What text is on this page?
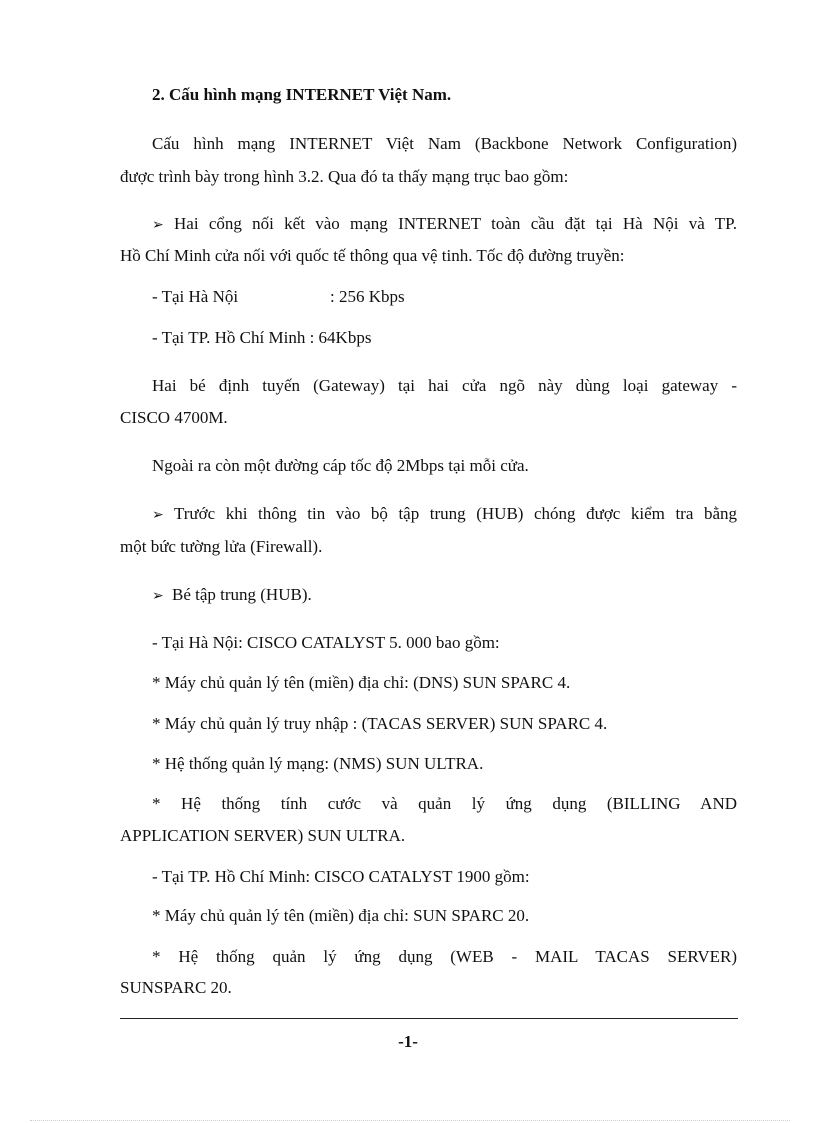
2. Cấu hình mạng INTERNET Việt Nam.
Cấu hình mạng INTERNET Việt Nam (Backbone Network Configuration)
được trình bày trong hình 3.2. Qua đó ta thấy mạng trục bao gồm:
➢ Hai cổng nối kết vào mạng INTERNET toàn cầu đặt tại Hà Nội và TP.
Hồ Chí Minh cửa nối với quốc tế thông qua vệ tinh. Tốc độ đường truyền:
- Tại Hà Nội	: 256 Kbps
- Tại TP. Hồ Chí Minh : 64Kbps
Hai bé định tuyến (Gateway) tại hai cửa ngõ này dùng loại gateway -
CISCO 4700M.
Ngoài ra còn một đường cáp tốc độ 2Mbps tại mỗi cửa.
➢ Trước khi thông tin vào bộ tập trung (HUB) chóng được kiểm tra bằng
một bức tường lửa (Firewall).
➢ Bé tập trung (HUB).
- Tại Hà Nội: CISCO CATALYST 5. 000 bao gồm:
* Máy chủ quản lý tên (miền) địa chỉ: (DNS) SUN SPARC 4.
* Máy chủ quản lý truy nhập : (TACAS SERVER) SUN SPARC 4.
* Hệ thống quản lý mạng: (NMS) SUN ULTRA.
* Hệ thống tính cước và quản lý ứng dụng (BILLING AND
APPLICATION SERVER) SUN ULTRA.
- Tại TP. Hồ Chí Minh: CISCO CATALYST 1900 gồm:
* Máy chủ quản lý tên (miền) địa chỉ: SUN SPARC 20.
* Hệ thống quản lý ứng dụng (WEB - MAIL TACAS SERVER)
SUNSPARC 20.
-1-
